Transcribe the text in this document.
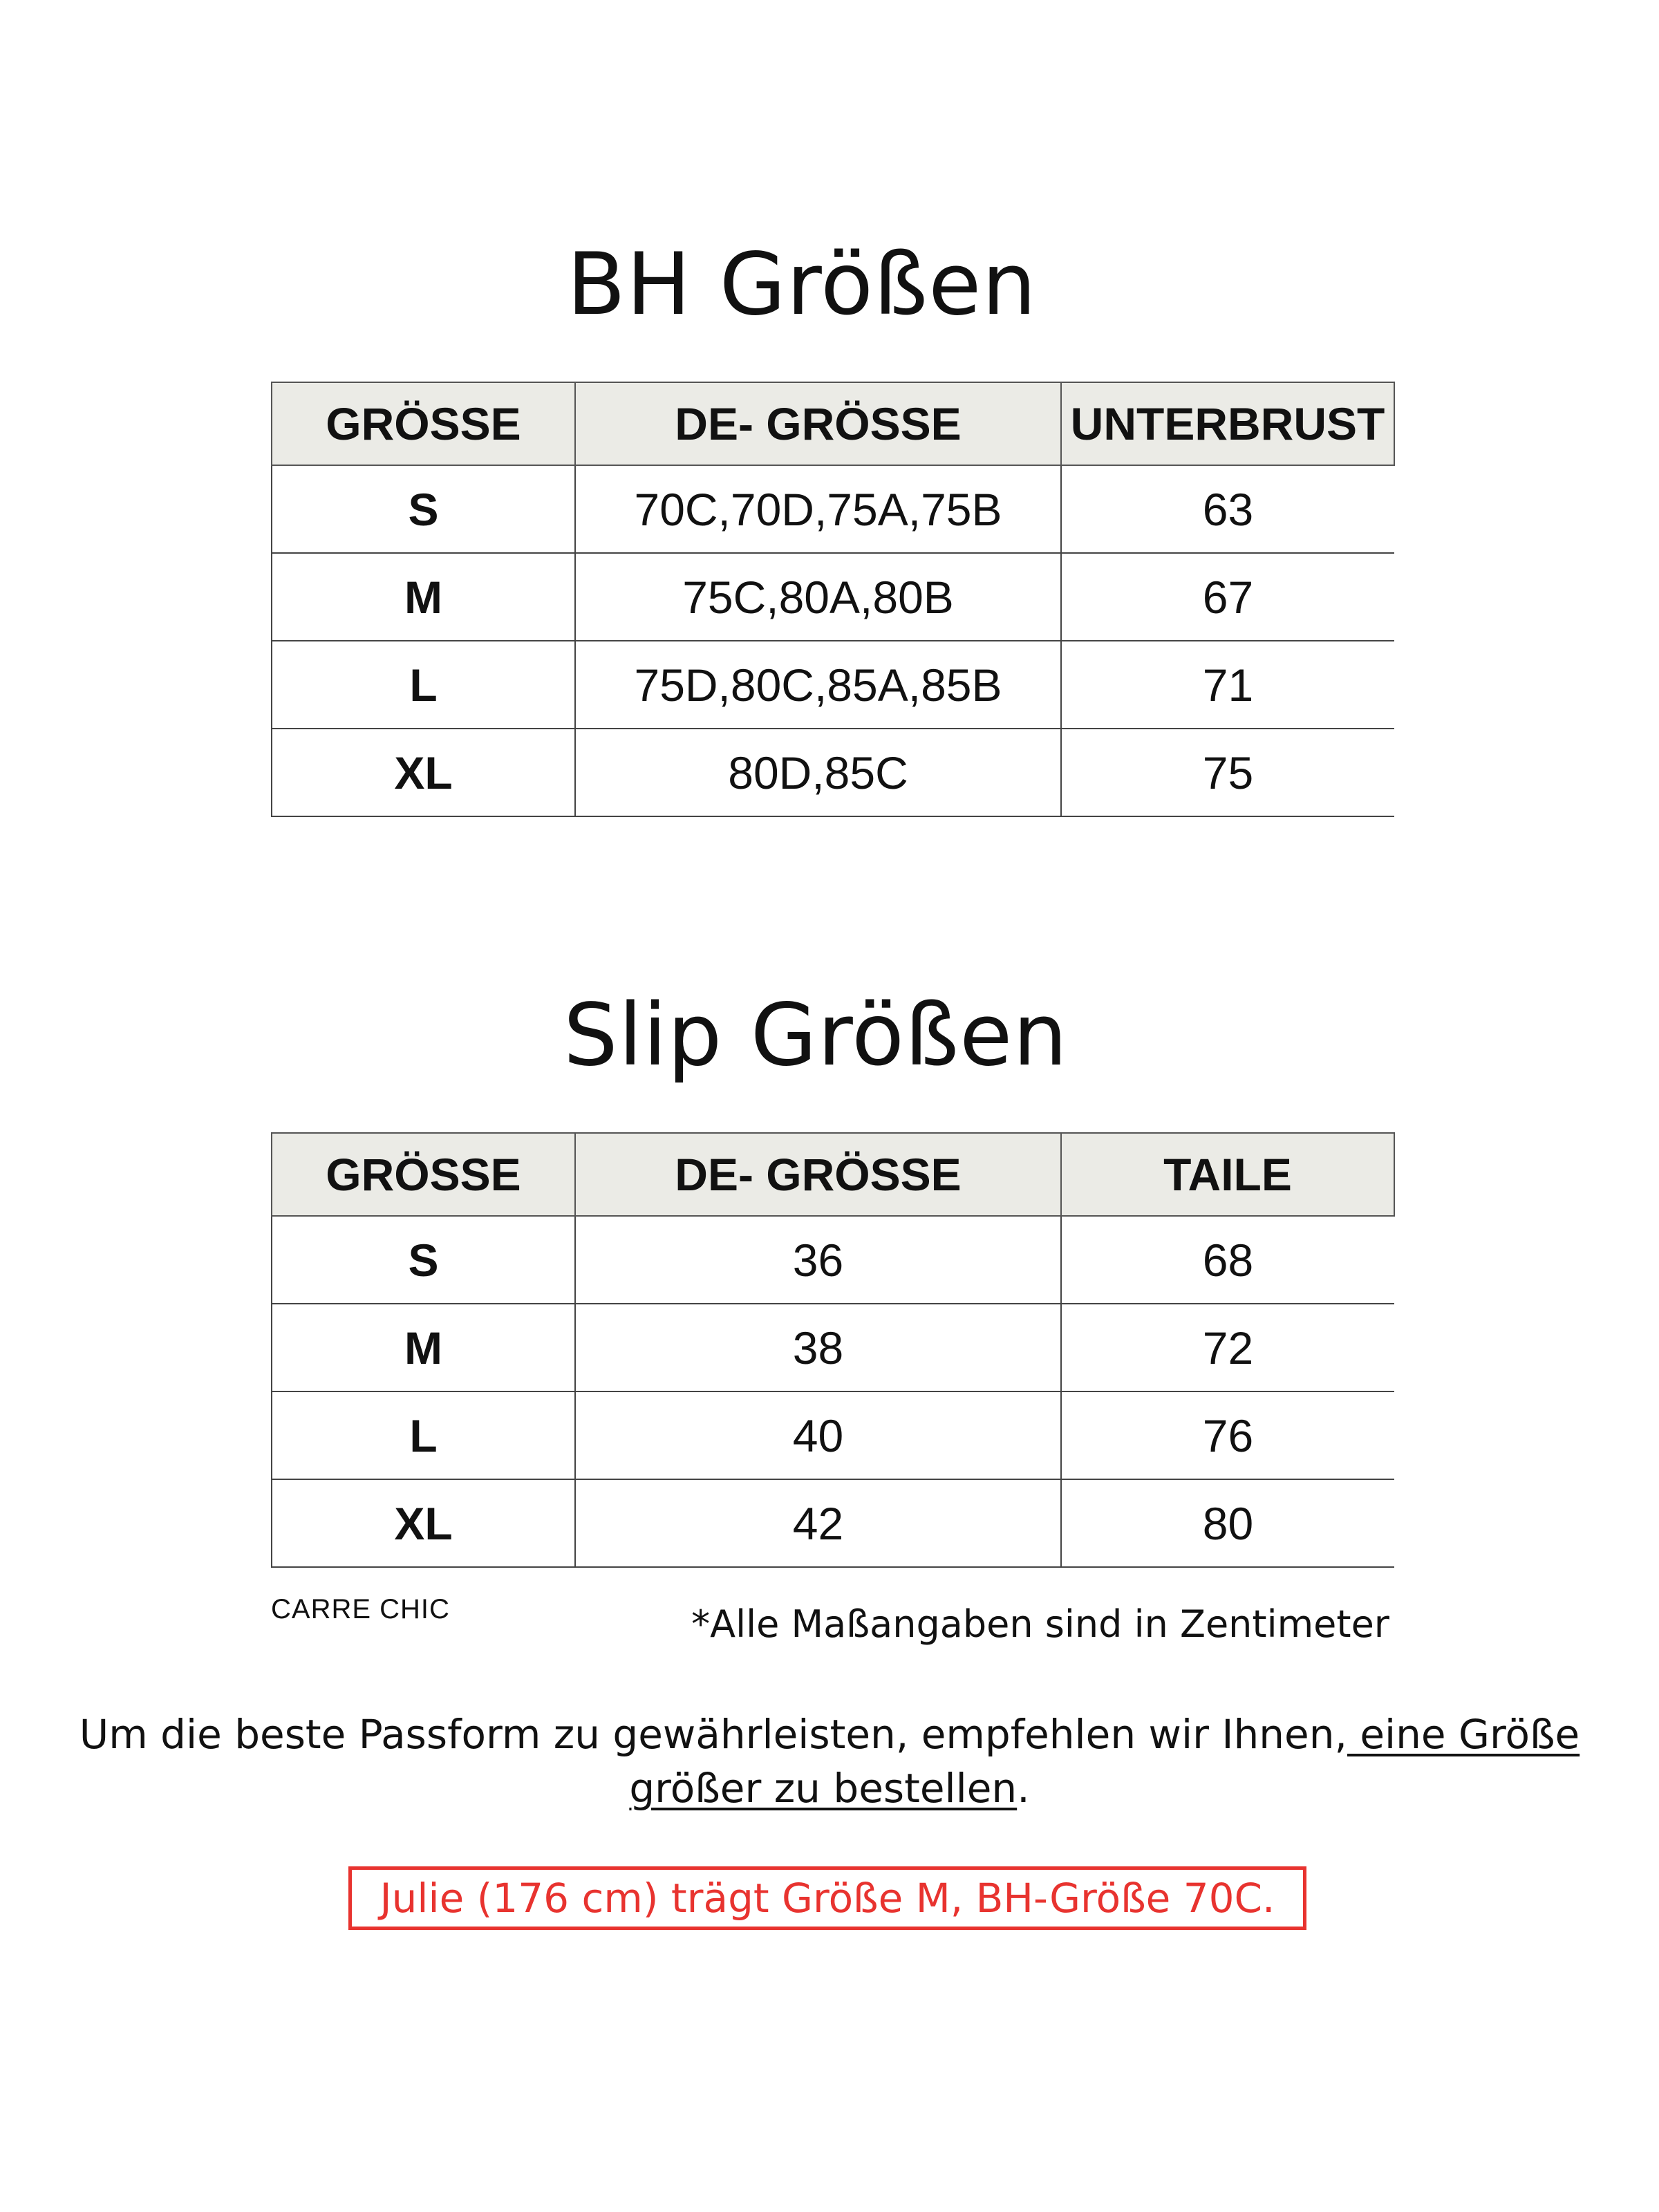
BH Größen
GRÖSSE	DE- GRÖSSE	UNTERBRUST
S	70C,70D,75A,75B	63
M	75C,80A,80B	67
L	75D,80C,85A,85B	71
XL	80D,85C	75
Slip Größen
GRÖSSE	DE- GRÖSSE	TAILE
S	36	68
M	38	72
L	40	76
XL	42	80
CARRE CHIC	*Alle Maßangaben sind in Zentimeter
Um die beste Passform zu gewährleisten, empfehlen wir Ihnen, eine Größe größer zu bestellen.
Julie (176 cm) trägt Größe M, BH-Größe 70C.
